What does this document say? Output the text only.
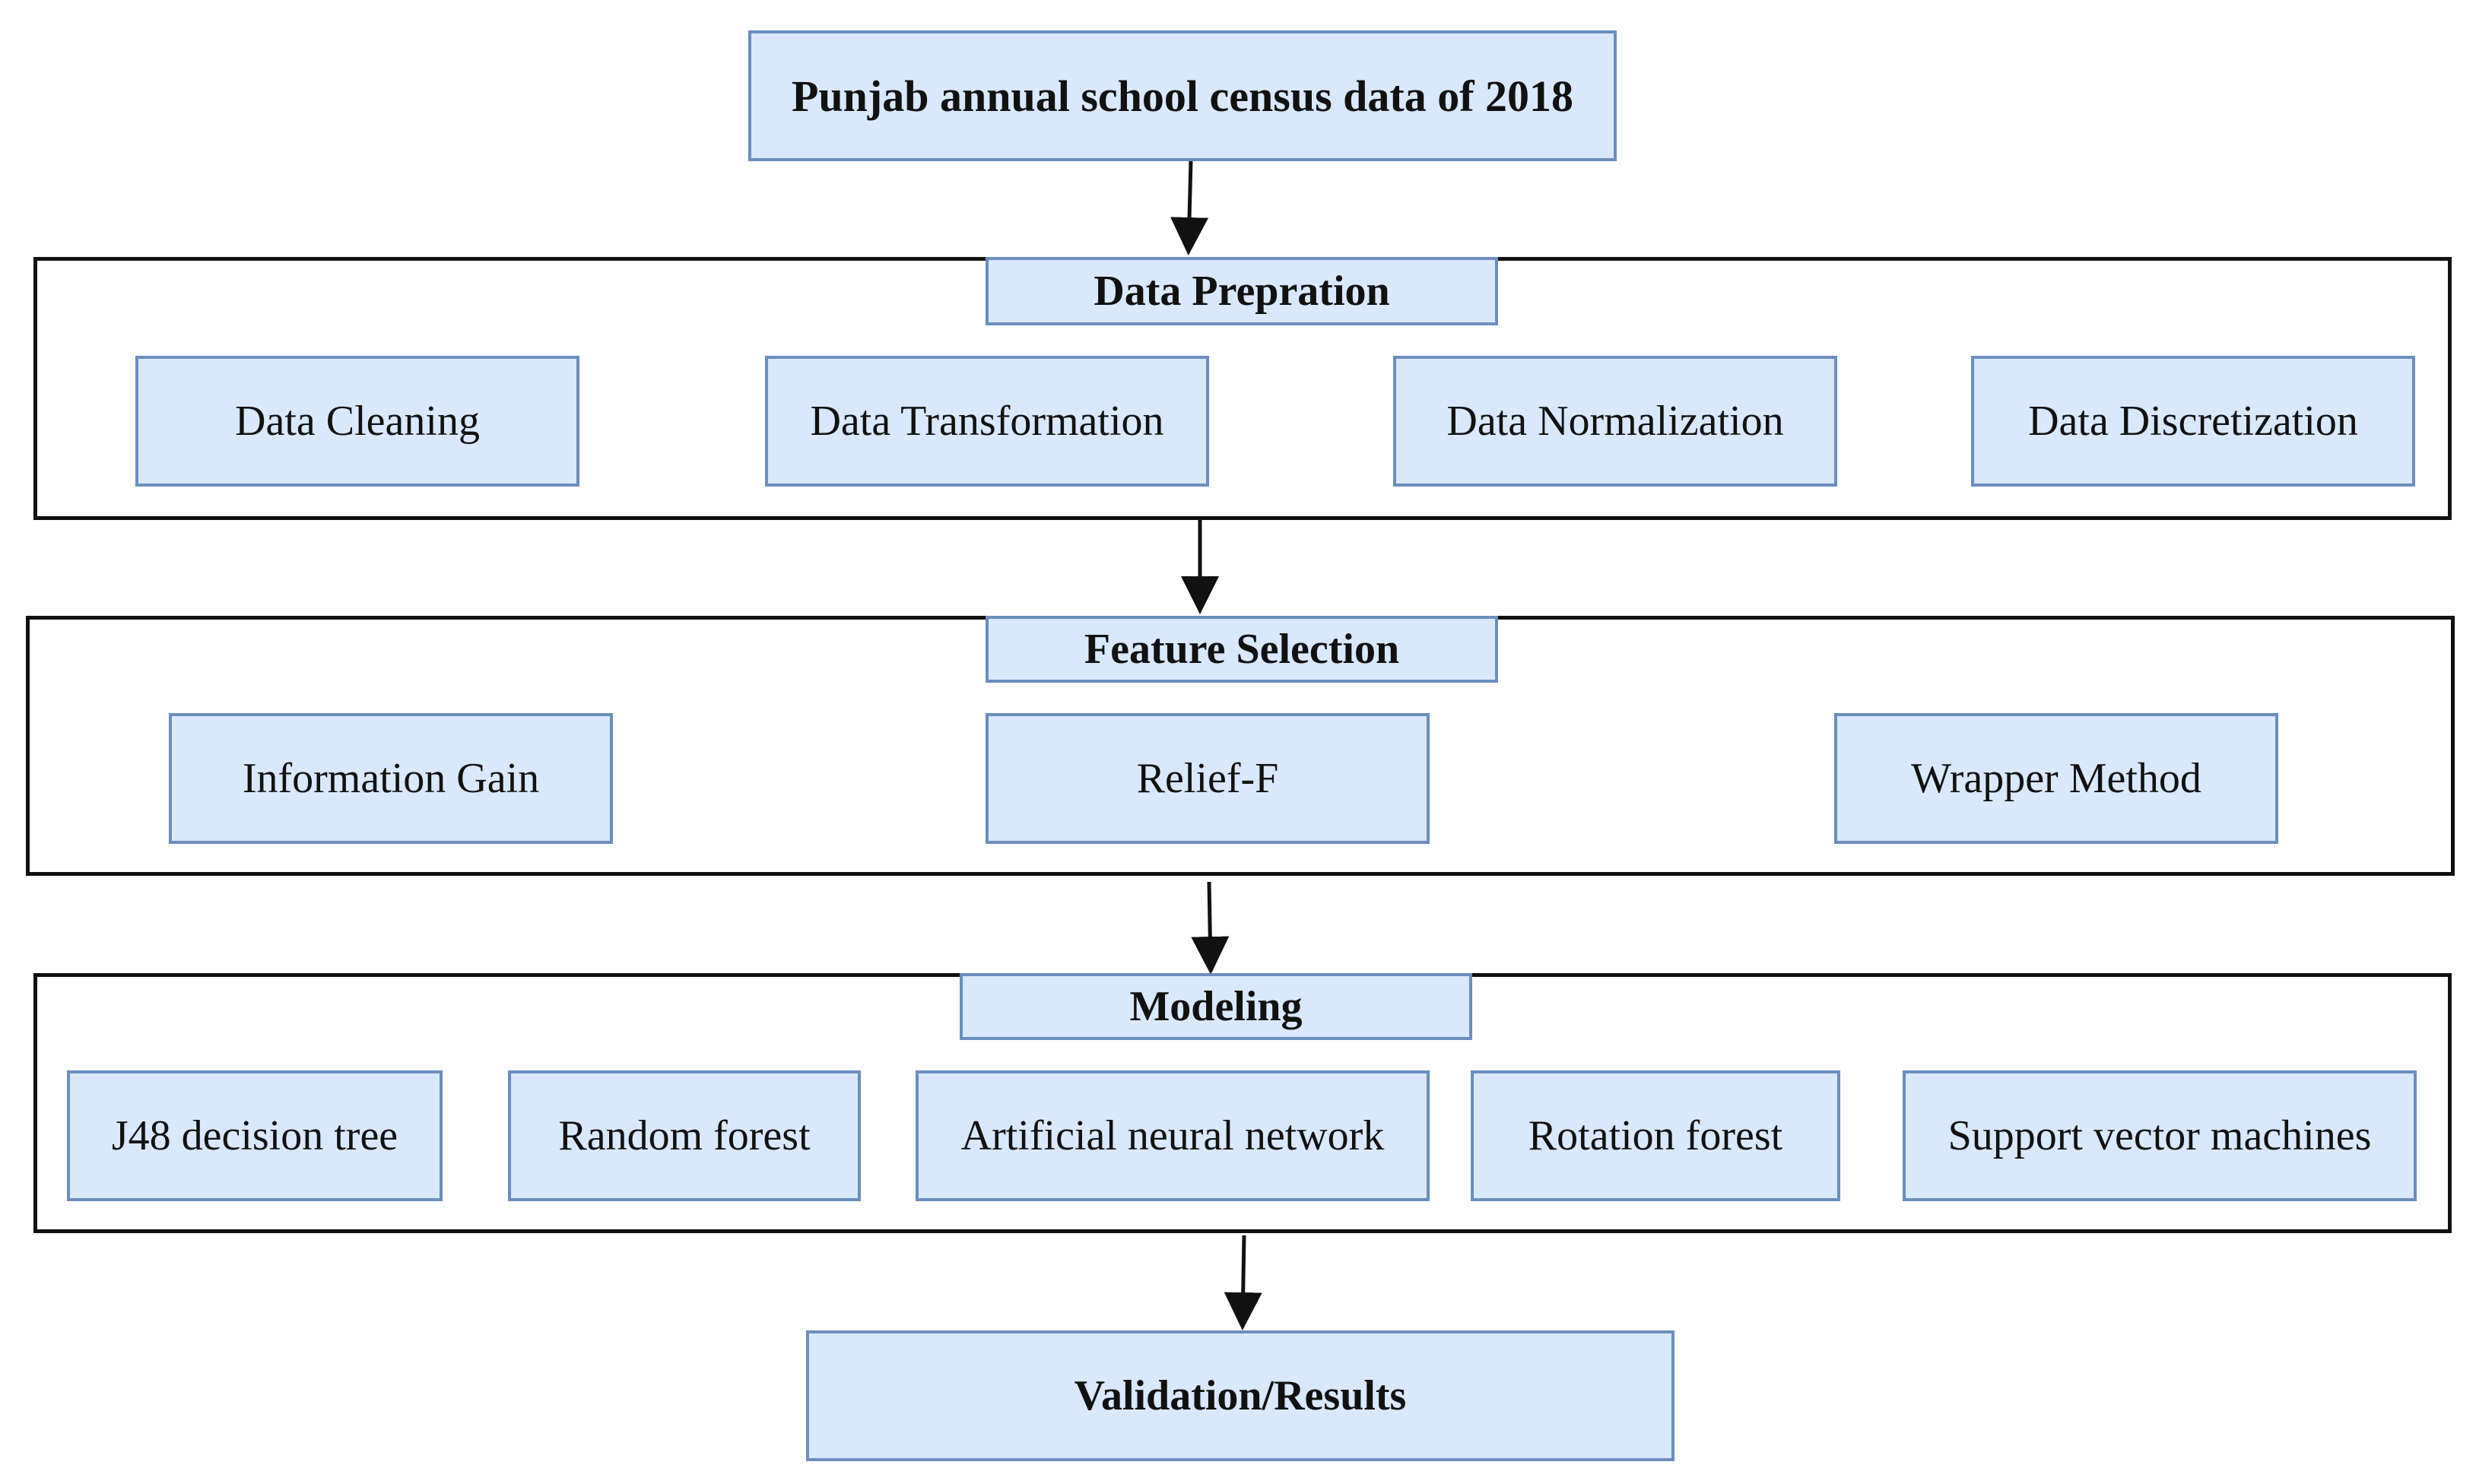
Punjab annual school census data of 2018
Data Prepration
Data Cleaning	Data Transformation	Data Normalization	Data Discretization
Feature Selection
Information Gain	Relief-F	Wrapper Method
Modeling
J48 decision tree	Random forest	Artificial neural network	Rotation forest	Support vector machines
Validation/Results
